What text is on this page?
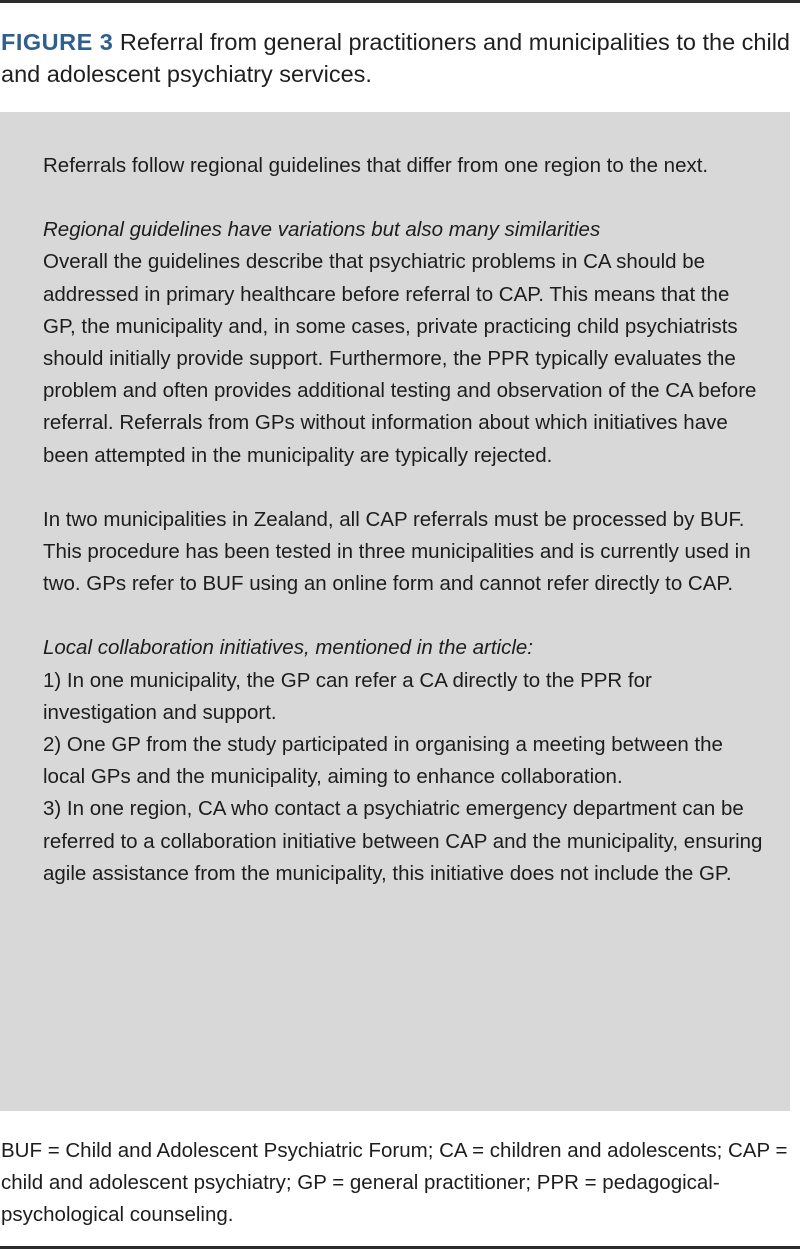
FIGURE 3 Referral from general practitioners and municipalities to the child and adolescent psychiatry services.

Referrals follow regional guidelines that differ from one region to the next.

Regional guidelines have variations but also many similarities

Overall the guidelines describe that psychiatric problems in CA should be addressed in primary healthcare before referral to CAP. This means that the GP, the municipality and, in some cases, private practicing child psychiatrists should initially provide support. Furthermore, the PPR typically evaluates the problem and often provides additional testing and observation of the CA before referral. Referrals from GPs without information about which initiatives have been attempted in the municipality are typically rejected.

In two municipalities in Zealand, all CAP referrals must be processed by BUF. This procedure has been tested in three municipalities and is currently used in two. GPs refer to BUF using an online form and cannot refer directly to CAP.

Local collaboration initiatives, mentioned in the article:

1) In one municipality, the GP can refer a CA directly to the PPR for investigation and support.

2) One GP from the study participated in organising a meeting between the local GPs and the municipality, aiming to enhance collaboration.

3) In one region, CA who contact a psychiatric emergency department can be referred to a collaboration initiative between CAP and the municipality, ensuring agile assistance from the municipality, this initiative does not include the GP.

BUF = Child and Adolescent Psychiatric Forum; CA = children and adolescents; CAP = child and adolescent psychiatry; GP = general practitioner; PPR = pedagogical-psychological counseling.
